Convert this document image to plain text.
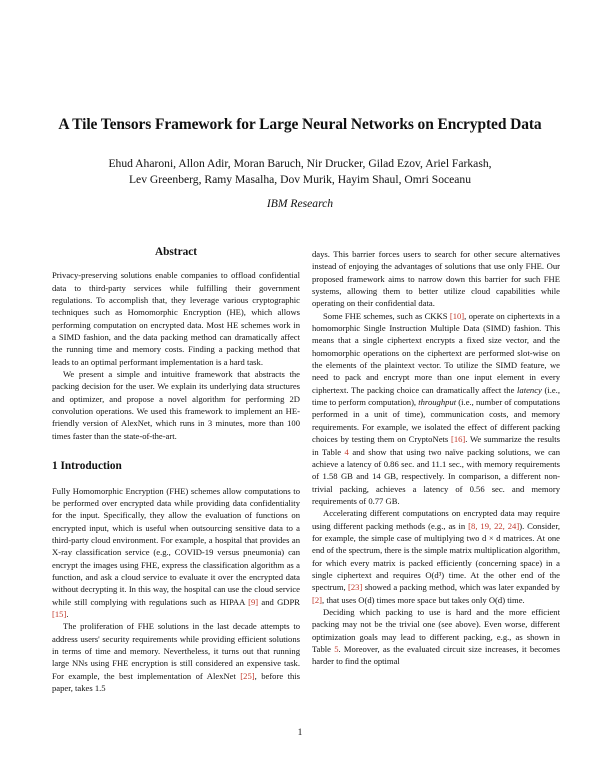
A Tile Tensors Framework for Large Neural Networks on Encrypted Data
Ehud Aharoni, Allon Adir, Moran Baruch, Nir Drucker, Gilad Ezov, Ariel Farkash,
Lev Greenberg, Ramy Masalha, Dov Murik, Hayim Shaul, Omri Soceanu
IBM Research
Abstract

Privacy-preserving solutions enable companies to offload confidential data to third-party services while fulfilling their government regulations. To accomplish that, they leverage various cryptographic techniques such as Homomorphic Encryption (HE), which allows performing computation on encrypted data. Most HE schemes work in a SIMD fashion, and the data packing method can dramatically affect the running time and memory costs. Finding a packing method that leads to an optimal performant implementation is a hard task.

We present a simple and intuitive framework that abstracts the packing decision for the user. We explain its underlying data structures and optimizer, and propose a novel algorithm for performing 2D convolution operations. We used this framework to implement an HE-friendly version of AlexNet, which runs in 3 minutes, more than 100 times faster than the state-of-the-art.

1 Introduction

Fully Homomorphic Encryption (FHE) schemes allow computations to be performed over encrypted data while providing data confidentiality for the input. Specifically, they allow the evaluation of functions on encrypted input, which is useful when outsourcing sensitive data to a third-party cloud environment. For example, a hospital that provides an X-ray classification service (e.g., COVID-19 versus pneumonia) can encrypt the images using FHE, express the classification algorithm as a function, and ask a cloud service to evaluate it over the encrypted data without decrypting it. In this way, the hospital can use the cloud service while still complying with regulations such as HIPAA [9] and GDPR [15].

The proliferation of FHE solutions in the last decade attempts to address users' security requirements while providing efficient solutions in terms of time and memory. Nevertheless, it turns out that running large NNs using FHE encryption is still considered an expensive task. For example, the best implementation of AlexNet [25], before this paper, takes 1.5

days. This barrier forces users to search for other secure alternatives instead of enjoying the advantages of solutions that use only FHE. Our proposed framework aims to narrow down this barrier for such FHE systems, allowing them to better utilize cloud capabilities while operating on their confidential data.

Some FHE schemes, such as CKKS [10], operate on ciphertexts in a homomorphic Single Instruction Multiple Data (SIMD) fashion. This means that a single ciphertext encrypts a fixed size vector, and the homomorphic operations on the ciphertext are performed slot-wise on the elements of the plaintext vector. To utilize the SIMD feature, we need to pack and encrypt more than one input element in every ciphertext. The packing choice can dramatically affect the latency (i.e., time to perform computation), throughput (i.e., number of computations performed in a unit of time), communication costs, and memory requirements. For example, we isolated the effect of different packing choices by testing them on CryptoNets [16]. We summarize the results in Table 4 and show that using two naïve packing solutions, we can achieve a latency of 0.86 sec. and 11.1 sec., with memory requirements of 1.58 GB and 14 GB, respectively. In comparison, a different non-trivial packing, achieves a latency of 0.56 sec. and memory requirements of 0.77 GB.

Accelerating different computations on encrypted data may require using different packing methods (e.g., as in [8, 19, 22, 24]). Consider, for example, the simple case of multiplying two d × d matrices. At one end of the spectrum, there is the simple matrix multiplication algorithm, for which every matrix is packed efficiently (concerning space) in a single ciphertext and requires O(d³) time. At the other end of the spectrum, [23] showed a packing method, which was later expanded by [2], that uses O(d) times more space but takes only O(d) time.

Deciding which packing to use is hard and the more efficient packing may not be the trivial one (see above). Even worse, different optimization goals may lead to different packing, e.g., as shown in Table 5. Moreover, as the evaluated circuit size increases, it becomes harder to find the optimal

1
